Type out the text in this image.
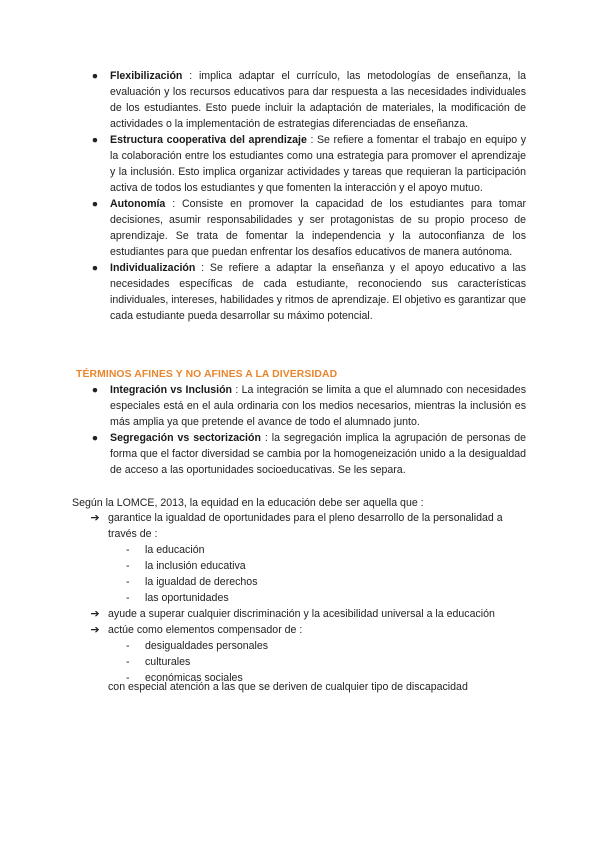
● Flexibilización : implica adaptar el currículo, las metodologías de enseñanza, la evaluación y los recursos educativos para dar respuesta a las necesidades individuales de los estudiantes. Esto puede incluir la adaptación de materiales, la modificación de actividades o la implementación de estrategias diferenciadas de enseñanza.
● Estructura cooperativa del aprendizaje : Se refiere a fomentar el trabajo en equipo y la colaboración entre los estudiantes como una estrategia para promover el aprendizaje y la inclusión. Esto implica organizar actividades y tareas que requieran la participación activa de todos los estudiantes y que fomenten la interacción y el apoyo mutuo.
● Autonomía : Consiste en promover la capacidad de los estudiantes para tomar decisiones, asumir responsabilidades y ser protagonistas de su propio proceso de aprendizaje. Se trata de fomentar la independencia y la autoconfianza de los estudiantes para que puedan enfrentar los desafíos educativos de manera autónoma.
● Individualización : Se refiere a adaptar la enseñanza y el apoyo educativo a las necesidades específicas de cada estudiante, reconociendo sus características individuales, intereses, habilidades y ritmos de aprendizaje. El objetivo es garantizar que cada estudiante pueda desarrollar su máximo potencial.
TÉRMINOS AFINES Y NO AFINES A LA DIVERSIDAD
● Integración vs Inclusión : La integración se limita a que el alumnado con necesidades especiales está en el aula ordinaria con los medios necesarios, mientras la inclusión es más amplia ya que pretende el avance de todo el alumnado junto.
● Segregación vs sectorización : la segregación implica la agrupación de personas de forma que el factor diversidad se cambia por la homogeneización unido a la desigualdad de acceso a las oportunidades socioeducativas. Se les separa.
Según la LOMCE, 2013, la equidad en la educación debe ser aquella que :
➔ garantice la igualdad de oportunidades para el pleno desarrollo de la personalidad a través de :
- la educación
- la inclusión educativa
- la igualdad de derechos
- las oportunidades
➔ ayude a superar cualquier discriminación y la acesibilidad universal a la educación
➔ actúe como elementos compensador de :
- desigualdades personales
- culturales
- económicas sociales
con especial atención a las que se deriven de cualquier tipo de discapacidad
